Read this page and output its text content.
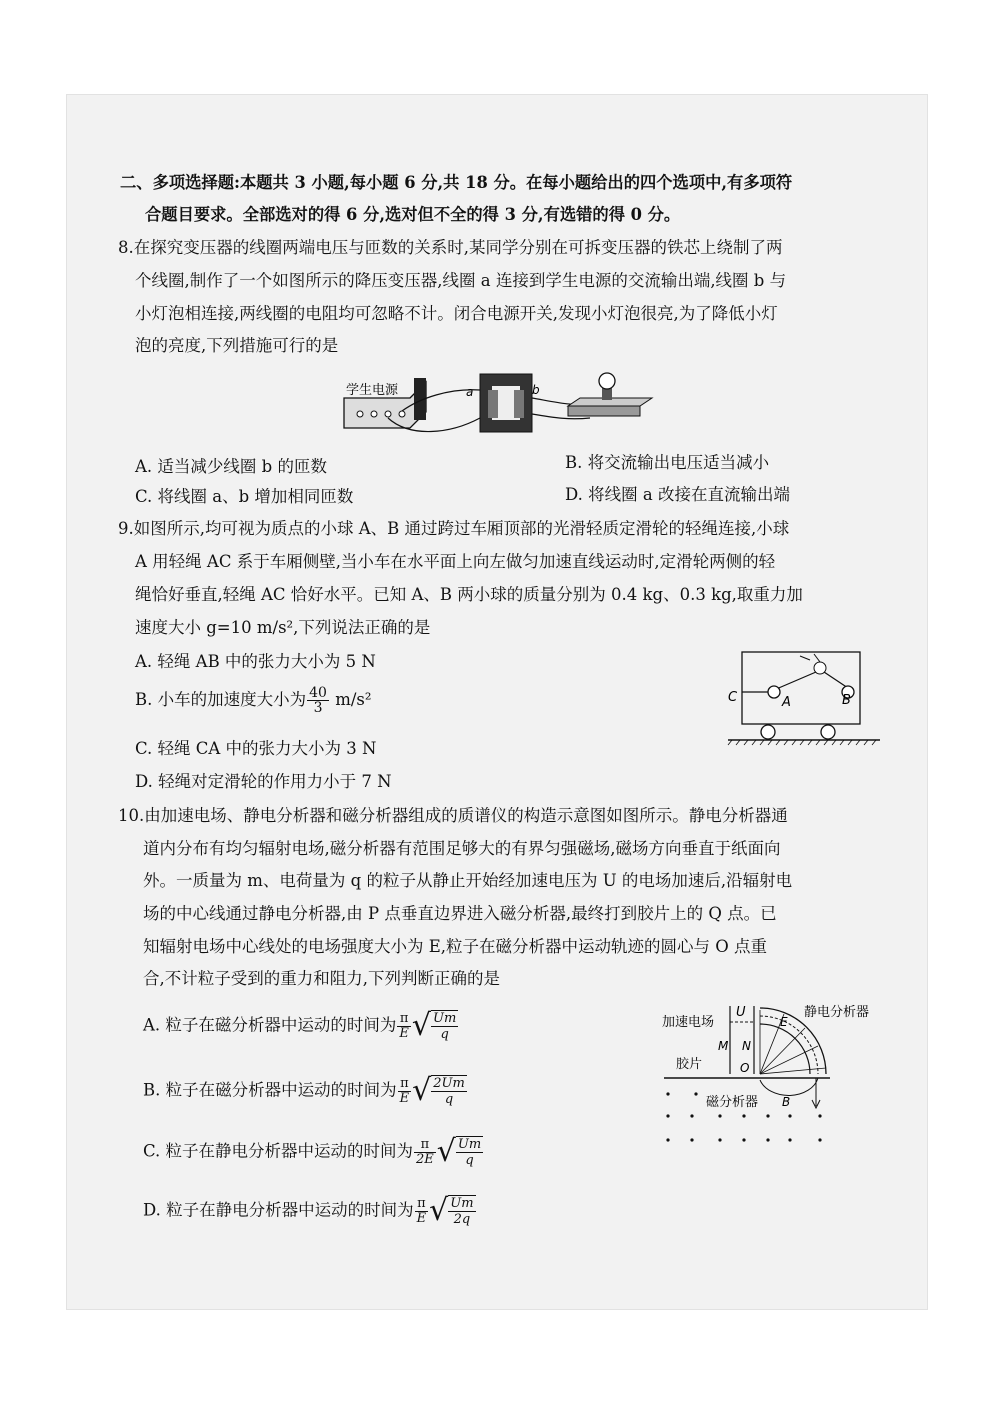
二、多项选择题:本题共 3 小题,每小题 6 分,共 18 分。在每小题给出的四个选项中,有多项符
合题目要求。全部选对的得 6 分,选对但不全的得 3 分,有选错的得 0 分。
8.在探究变压器的线圈两端电压与匝数的关系时,某同学分别在可拆变压器的铁芯上绕制了两
个线圈,制作了一个如图所示的降压变压器,线圈 a 连接到学生电源的交流输出端,线圈 b 与
小灯泡相连接,两线圈的电阻均可忽略不计。闭合电源开关,发现小灯泡很亮,为了降低小灯
泡的亮度,下列措施可行的是
学生电源	a	b
A. 适当减少线圈 b 的匝数	B. 将交流输出电压适当减小
C. 将线圈 a、b 增加相同匝数	D. 将线圈 a 改接在直流输出端
9.如图所示,均可视为质点的小球 A、B 通过跨过车厢顶部的光滑轻质定滑轮的轻绳连接,小球
A 用轻绳 AC 系于车厢侧壁,当小车在水平面上向左做匀加速直线运动时,定滑轮两侧的轻
绳恰好垂直,轻绳 AC 恰好水平。已知 A、B 两小球的质量分别为 0.4 kg、0.3 kg,取重力加
速度大小 g=10 m/s²,下列说法正确的是
A. 轻绳 AB 中的张力大小为 5 N
B. 小车的加速度大小为 $\frac{40}{3} m/s^2$
C. 轻绳 CA 中的张力大小为 3 N
D. 轻绳对定滑轮的作用力小于 7 N
C	A	B
10.由加速电场、静电分析器和磁分析器组成的质谱仪的构造示意图如图所示。静电分析器通
道内分布有均匀辐射电场,磁分析器有范围足够大的有界匀强磁场,磁场方向垂直于纸面向
外。一质量为 m、电荷量为 q 的粒子从静止开始经加速电压为 U 的电场加速后,沿辐射电
场的中心线通过静电分析器,由 P 点垂直边界进入磁分析器,最终打到胶片上的 Q 点。已
知辐射电场中心线处的电场强度大小为 E,粒子在磁分析器中运动轨迹的圆心与 O 点重
合,不计粒子受到的重力和阻力,下列判断正确的是
A. 粒子在磁分析器中运动的时间为 $\frac{\pi}{E}$ √ $\frac{Um}{q}$
B. 粒子在磁分析器中运动的时间为 $\frac{\pi}{E}$ √ $\frac{2Um}{q}$
C. 粒子在静电分析器中运动的时间为 $\frac{\pi}{2E}$ √ $\frac{Um}{q}$
D. 粒子在静电分析器中运动的时间为 $\frac{\pi}{E}$ √ $\frac{Um}{2q}$
加速电场
U	静电分析器
E
M N
O
胶片
磁分析器 B
